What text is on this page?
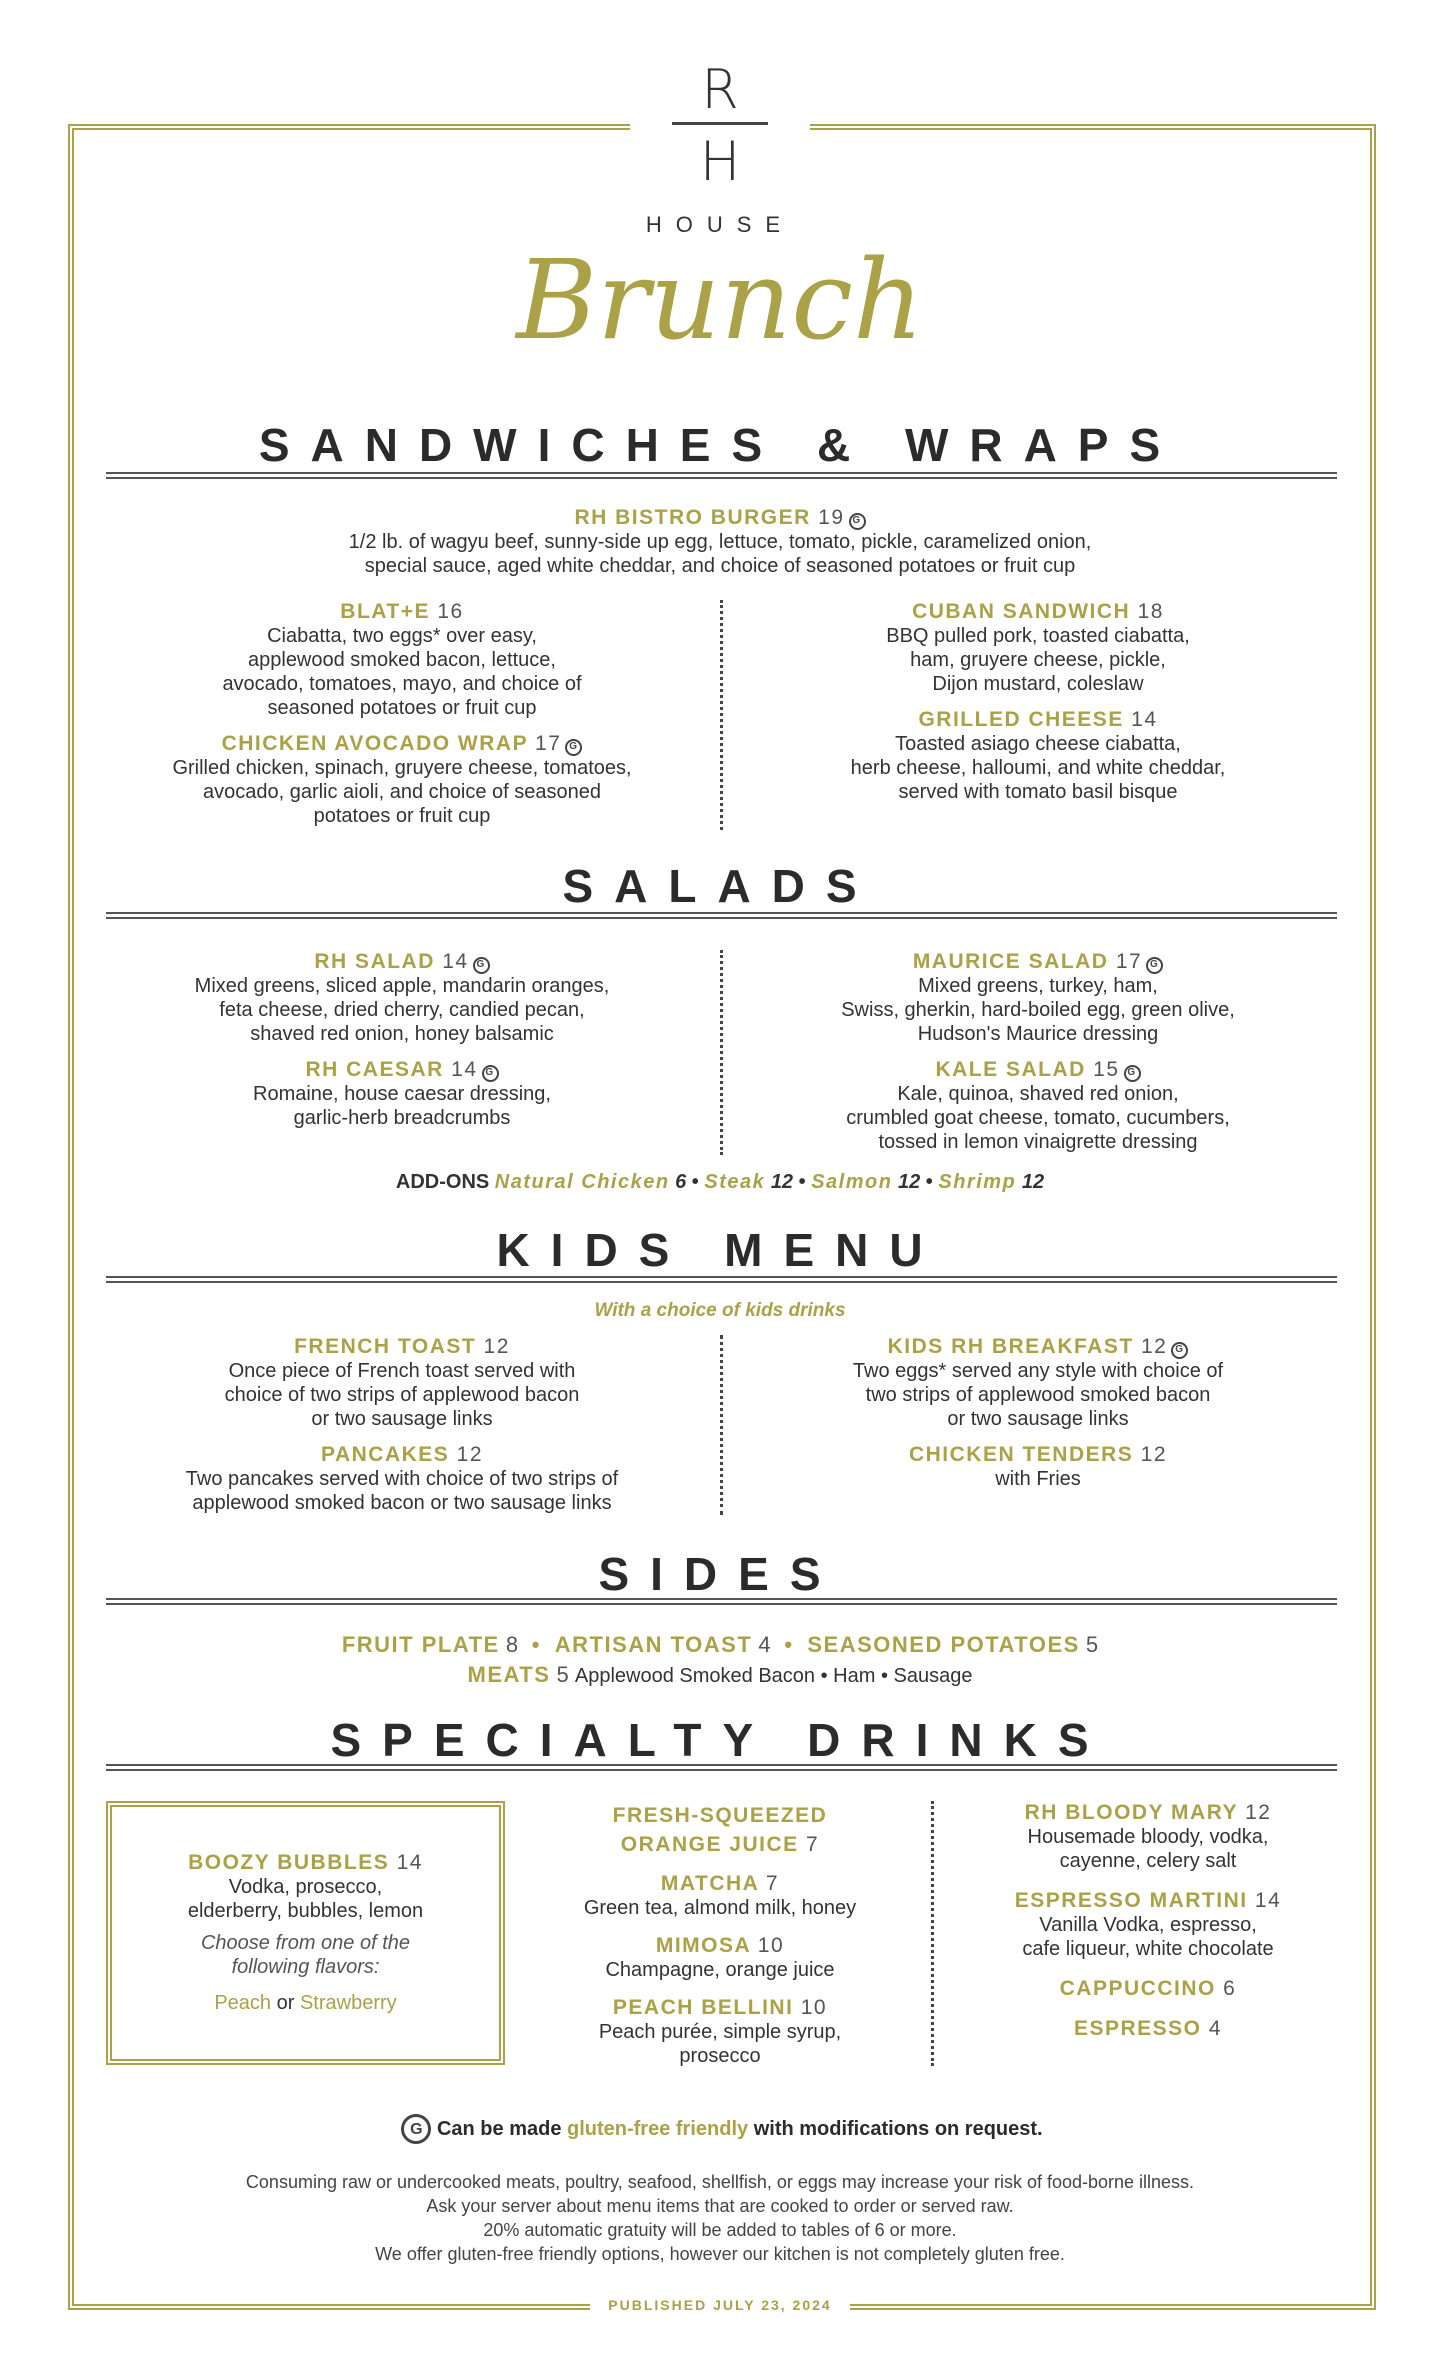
R
H
HOUSE
Brunch
SANDWICHES & WRAPS
RH BISTRO BURGER 19 G
1/2 lb. of wagyu beef, sunny-side up egg, lettuce, tomato, pickle, caramelized onion,
special sauce, aged white cheddar, and choice of seasoned potatoes or fruit cup
BLAT+E 16
Ciabatta, two eggs* over easy,
applewood smoked bacon, lettuce,
avocado, tomatoes, mayo, and choice of
seasoned potatoes or fruit cup
CHICKEN AVOCADO WRAP 17 G
Grilled chicken, spinach, gruyere cheese, tomatoes,
avocado, garlic aioli, and choice of seasoned
potatoes or fruit cup
CUBAN SANDWICH 18
BBQ pulled pork, toasted ciabatta,
ham, gruyere cheese, pickle,
Dijon mustard, coleslaw
GRILLED CHEESE 14
Toasted asiago cheese ciabatta,
herb cheese, halloumi, and white cheddar,
served with tomato basil bisque
SALADS
RH SALAD 14 G
Mixed greens, sliced apple, mandarin oranges,
feta cheese, dried cherry, candied pecan,
shaved red onion, honey balsamic
RH CAESAR 14 G
Romaine, house caesar dressing,
garlic-herb breadcrumbs
MAURICE SALAD 17 G
Mixed greens, turkey, ham,
Swiss, gherkin, hard-boiled egg, green olive,
Hudson's Maurice dressing
KALE SALAD 15 G
Kale, quinoa, shaved red onion,
crumbled goat cheese, tomato, cucumbers,
tossed in lemon vinaigrette dressing
ADD-ONS Natural Chicken 6 • Steak 12 • Salmon 12 • Shrimp 12
KIDS MENU
With a choice of kids drinks
FRENCH TOAST 12
Once piece of French toast served with
choice of two strips of applewood bacon
or two sausage links
PANCAKES 12
Two pancakes served with choice of two strips of
applewood smoked bacon or two sausage links
KIDS RH BREAKFAST 12 G
Two eggs* served any style with choice of
two strips of applewood smoked bacon
or two sausage links
CHICKEN TENDERS 12
with Fries
SIDES
FRUIT PLATE 8  •  ARTISAN TOAST 4  •  SEASONED POTATOES 5
MEATS 5 Applewood Smoked Bacon • Ham • Sausage
SPECIALTY DRINKS
BOOZY BUBBLES 14
Vodka, prosecco,
elderberry, bubbles, lemon
Choose from one of the
following flavors:
Peach or Strawberry
FRESH-SQUEEZED
ORANGE JUICE 7
MATCHA 7
Green tea, almond milk, honey
MIMOSA 10
Champagne, orange juice
PEACH BELLINI 10
Peach purée, simple syrup,
prosecco
RH BLOODY MARY 12
Housemade bloody, vodka,
cayenne, celery salt
ESPRESSO MARTINI 14
Vanilla Vodka, espresso,
cafe liqueur, white chocolate
CAPPUCCINO 6
ESPRESSO 4
G Can be made gluten-free friendly with modifications on request.
Consuming raw or undercooked meats, poultry, seafood, shellfish, or eggs may increase your risk of food-borne illness.
Ask your server about menu items that are cooked to order or served raw.
20% automatic gratuity will be added to tables of 6 or more.
We offer gluten-free friendly options, however our kitchen is not completely gluten free.
PUBLISHED JULY 23, 2024
